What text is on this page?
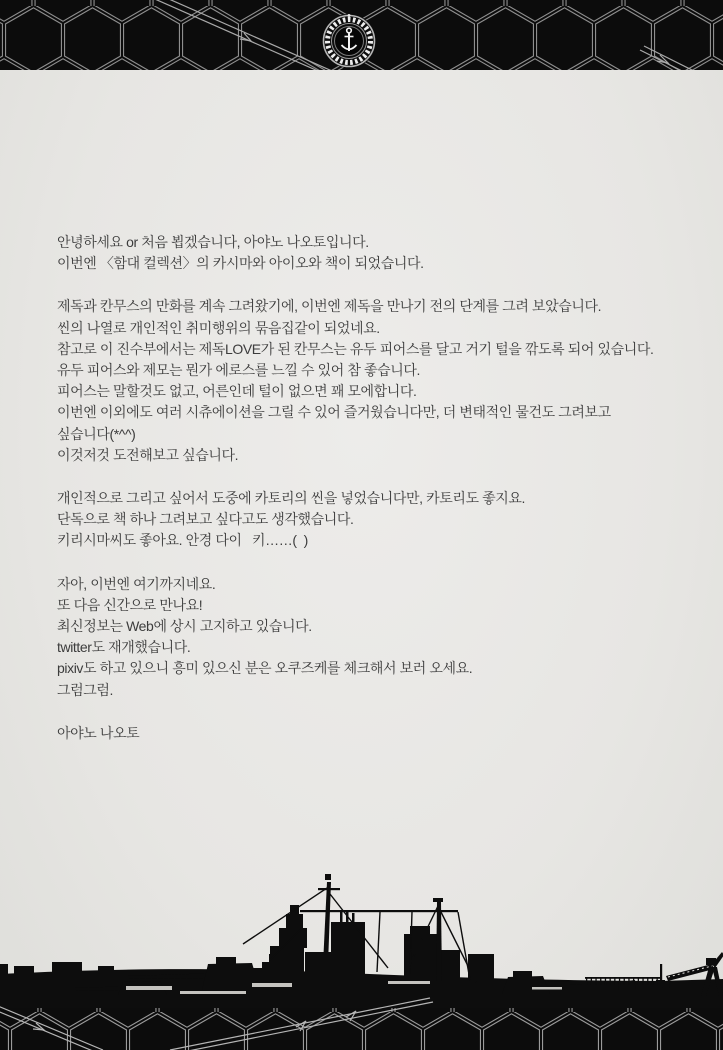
안녕하세요 or 처음 뵙겠습니다, 아야노 나오토입니다.
이번엔 〈함대 컬렉션〉의 카시마와 아이오와 책이 되었습니다.
제독과 칸무스의 만화를 계속 그려왔기에, 이번엔 제독을 만나기 전의 단계를 그려 보았습니다.
씬의 나열로 개인적인 취미행위의 묶음집같이 되었네요.
참고로 이 진수부에서는 제독LOVE가 된 칸무스는 유두 피어스를 달고 거기 털을 깎도록 되어 있습니다.
유두 피어스와 제모는 뭔가 에로스를 느낄 수 있어 참 좋습니다.
피어스는 말할것도 없고, 어른인데 털이 없으면 꽤 모에합니다.
이번엔 이외에도 여러 시츄에이션을 그릴 수 있어 즐거웠습니다만, 더 변태적인 물건도 그려보고
싶습니다(*^^)
이것저것 도전해보고 싶습니다.
개인적으로 그리고 싶어서 도중에 카토리의 씬을 넣었습니다만, 카토리도 좋지요.
단독으로 책 하나 그려보고 싶다고도 생각했습니다.
키리시마씨도 좋아요. 안경 다이   키……(  )
자아, 이번엔 여기까지네요.
또 다음 신간으로 만나요!
최신정보는 Web에 상시 고지하고 있습니다.
twitter도 재개했습니다.
pixiv도 하고 있으니 흥미 있으신 분은 오쿠즈케를 체크해서 보러 오세요.
그럼그럼.
아야노 나오토
